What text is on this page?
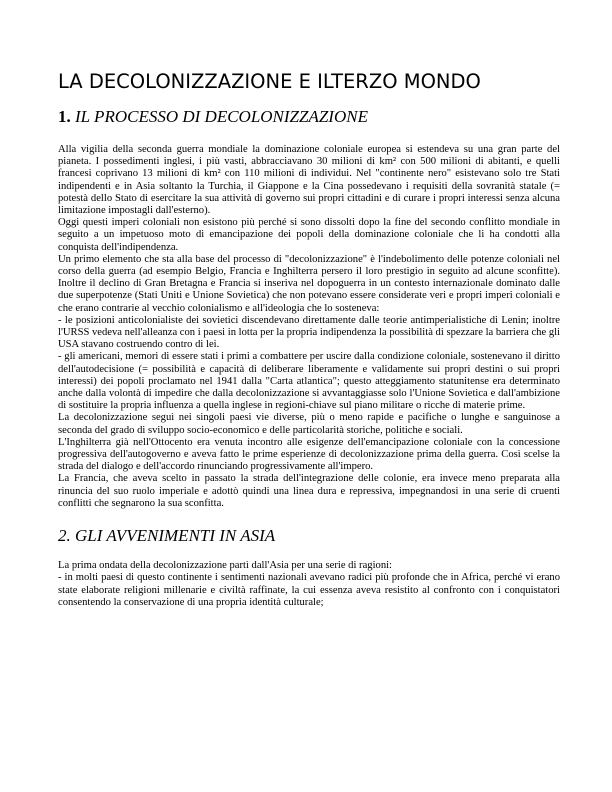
LA DECOLONIZZAZIONE E ILTERZO MONDO
1. IL PROCESSO DI DECOLONIZZAZIONE

Alla vigilia della seconda guerra mondiale la dominazione coloniale europea si estendeva su una gran parte del pianeta. I possedimenti inglesi, i più vasti, abbracciavano 30 milioni di km² con 500 milioni di abitanti, e quelli francesi coprivano 13 milioni di km² con 110 milioni di individui. Nel "continente nero" esistevano solo tre Stati indipendenti e in Asia soltanto la Turchia, il Giappone e la Cina possedevano i requisiti della sovranità statale (= potestà dello Stato di esercitare la sua attività di governo sui propri cittadini e di curare i propri interessi senza alcuna limitazione impostagli dall'esterno).

Oggi questi imperi coloniali non esistono più perché si sono dissolti dopo la fine del secondo conflitto mondiale in seguito a un impetuoso moto di emancipazione dei popoli della dominazione coloniale che li ha condotti alla conquista dell'indipendenza.

Un primo elemento che sta alla base del processo di "decolonizzazione" è l'indebolimento delle potenze coloniali nel corso della guerra (ad esempio Belgio, Francia e Inghilterra persero il loro prestigio in seguito ad alcune sconfitte). Inoltre il declino di Gran Bretagna e Francia si inseriva nel dopoguerra in un contesto internazionale dominato dalle due superpotenze (Stati Uniti e Unione Sovietica) che non potevano essere considerate veri e propri imperi coloniali e che erano contrarie al vecchio colonialismo e all'ideologia che lo sosteneva:

- le posizioni anticolonialiste dei sovietici discendevano direttamente dalle teorie antimperialistiche di Lenin; inoltre l'URSS vedeva nell'alleanza con i paesi in lotta per la propria indipendenza la possibilità di spezzare la barriera che gli USA stavano costruendo contro di lei.

- gli americani, memori di essere stati i primi a combattere per uscire dalla condizione coloniale, sostenevano il diritto dell'autodecisione (= possibilità e capacità di deliberare liberamente e validamente sui propri destini o sui propri interessi) dei popoli proclamato nel 1941 dalla "Carta atlantica"; questo atteggiamento statunitense era determinato anche dalla volontà di impedire che dalla decolonizzazione si avvantaggiasse solo l'Unione Sovietica e dall'ambizione di sostituire la propria influenza a quella inglese in regioni-chiave sul piano militare o ricche di materie prime.

La decolonizzazione seguì nei singoli paesi vie diverse, più o meno rapide e pacifiche o lunghe e sanguinose a seconda del grado di sviluppo socio-economico e delle particolarità storiche, politiche e sociali.

L'Inghilterra già nell'Ottocento era venuta incontro alle esigenze dell'emancipazione coloniale con la concessione progressiva dell'autogoverno e aveva fatto le prime esperienze di decolonizzazione prima della guerra. Così scelse la strada del dialogo e dell'accordo rinunciando progressivamente all'impero.

La Francia, che aveva scelto in passato la strada dell'integrazione delle colonie, era invece meno preparata alla rinuncia del suo ruolo imperiale e adottò quindi una linea dura e repressiva, impegnandosi in una serie di cruenti conflitti che segnarono la sua sconfitta.

2. GLI AVVENIMENTI IN ASIA

La prima ondata della decolonizzazione partì dall'Asia per una serie di ragioni:

- in molti paesi di questo continente i sentimenti nazionali avevano radici più profonde che in Africa, perché vi erano state elaborate religioni millenarie e civiltà raffinate, la cui essenza aveva resistito al confronto con i conquistatori consentendo la conservazione di una propria identità culturale;
